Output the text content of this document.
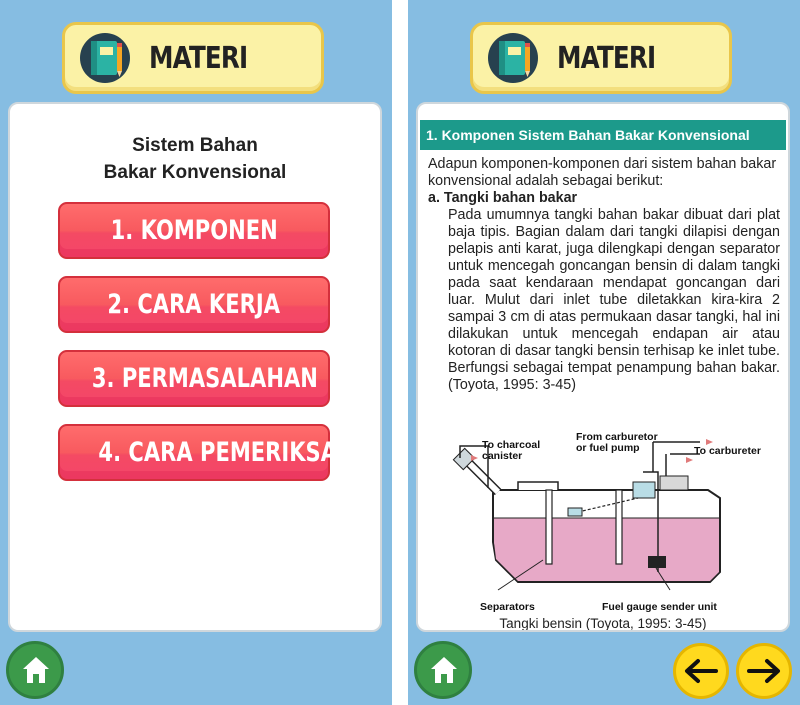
MATERI
Sistem Bahan
Bakar Konvensional
1. KOMPONEN
2. CARA KERJA
3. PERMASALAHAN
4. CARA PEMERIKSAAN
MATERI
1. Komponen Sistem Bahan Bakar Konvensional
Adapun komponen-komponen dari sistem bahan bakar konvensional adalah sebagai berikut:
a. Tangki bahan bakar
Pada umumnya tangki bahan bakar dibuat dari plat baja tipis. Bagian dalam dari tangki dilapisi dengan pelapis anti karat, juga dilengkapi dengan separator untuk mencegah goncangan bensin di dalam tangki pada saat kendaraan mendapat goncangan dari luar. Mulut dari inlet tube diletakkan kira-kira 2 sampai 3 cm di atas permukaan dasar tangki, hal ini dilakukan untuk mencegah endapan air atau kotoran di dasar tangki bensin terhisap ke inlet tube. Berfungsi sebagai tempat penampung bahan bakar. (Toyota, 1995: 3-45)
To charcoal
canister
From carburetor
or fuel pump	To carbureter
Separators	Fuel gauge sender unit
Tangki bensin (Toyota, 1995: 3-45)
